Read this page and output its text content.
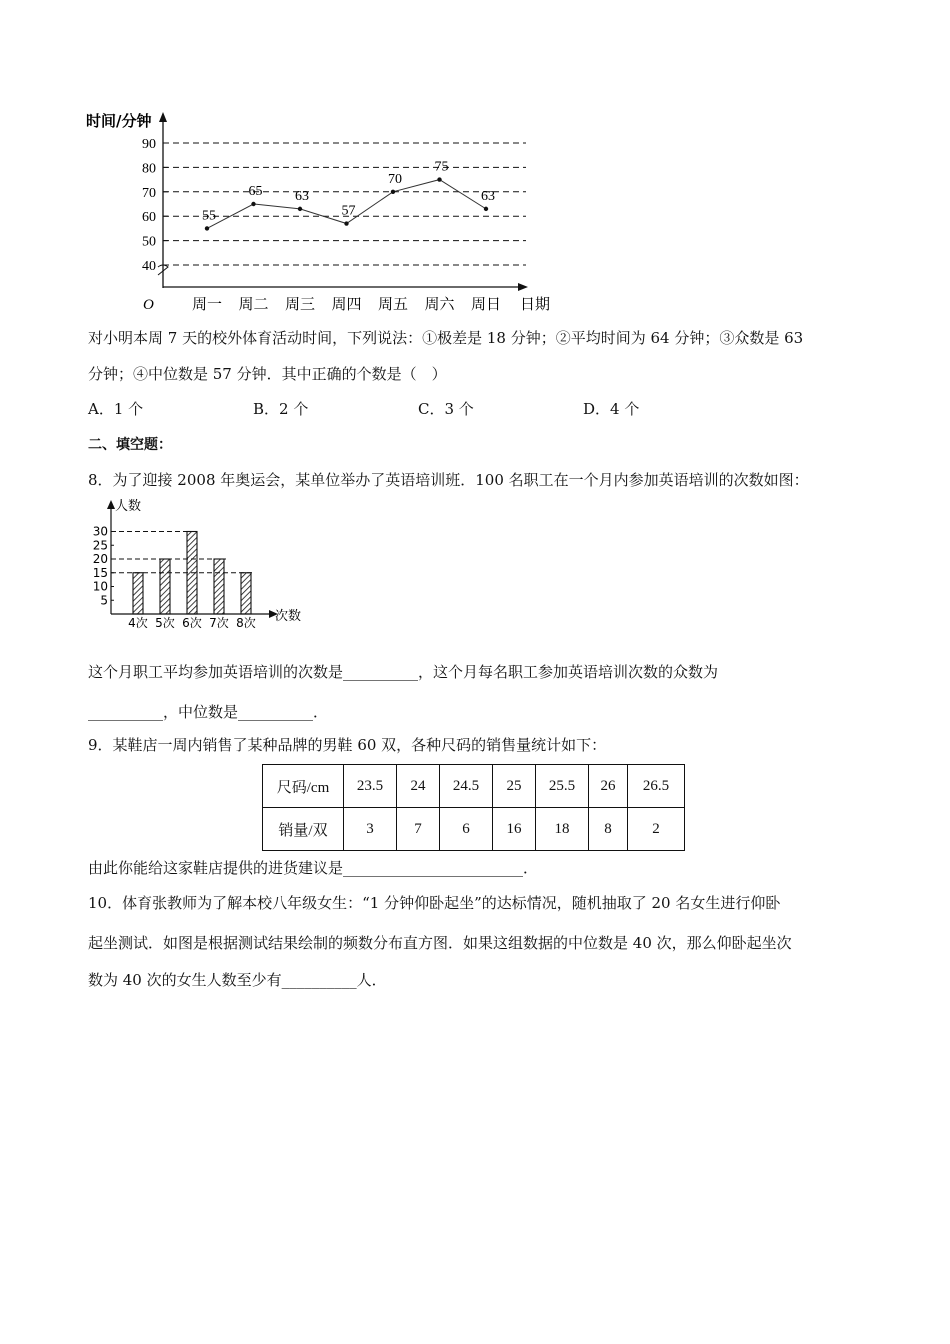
40
50
60
70
80
90
周一 周二 周三 周四 周五 周六 周日
55
65 63
57
70
75
63
时间/分钟
日期
O
对小明本周 7 天的校外体育活动时间，下列说法：①极差是 18 分钟；②平均时间为 64 分钟；③众数是 63
分钟；④中位数是 57 分钟．其中正确的个数是（　）
A．1 个	B．2 个	C．3 个	D．4 个
二、填空题：
8．为了迎接 2008 年奥运会，某单位举办了英语培训班．100 名职工在一个月内参加英语培训的次数如图：
5
10
15
20
25
30
4次 5次 6次 7次 8次
人数
次数
这个月职工平均参加英语培训的次数是__________，这个月每名职工参加英语培训次数的众数为
__________，中位数是__________．
9．某鞋店一周内销售了某种品牌的男鞋 60 双，各种尺码的销售量统计如下：
尺码/cm	23.5	24	24.5	25	25.5	26	26.5
销量/双	3	7	6	16	18	8	2
由此你能给这家鞋店提供的进货建议是________________________．
10．体育张教师为了解本校八年级女生：“1 分钟仰卧起坐”的达标情况，随机抽取了 20 名女生进行仰卧
起坐测试．如图是根据测试结果绘制的频数分布直方图．如果这组数据的中位数是 40 次，那么仰卧起坐次
数为 40 次的女生人数至少有__________人．
